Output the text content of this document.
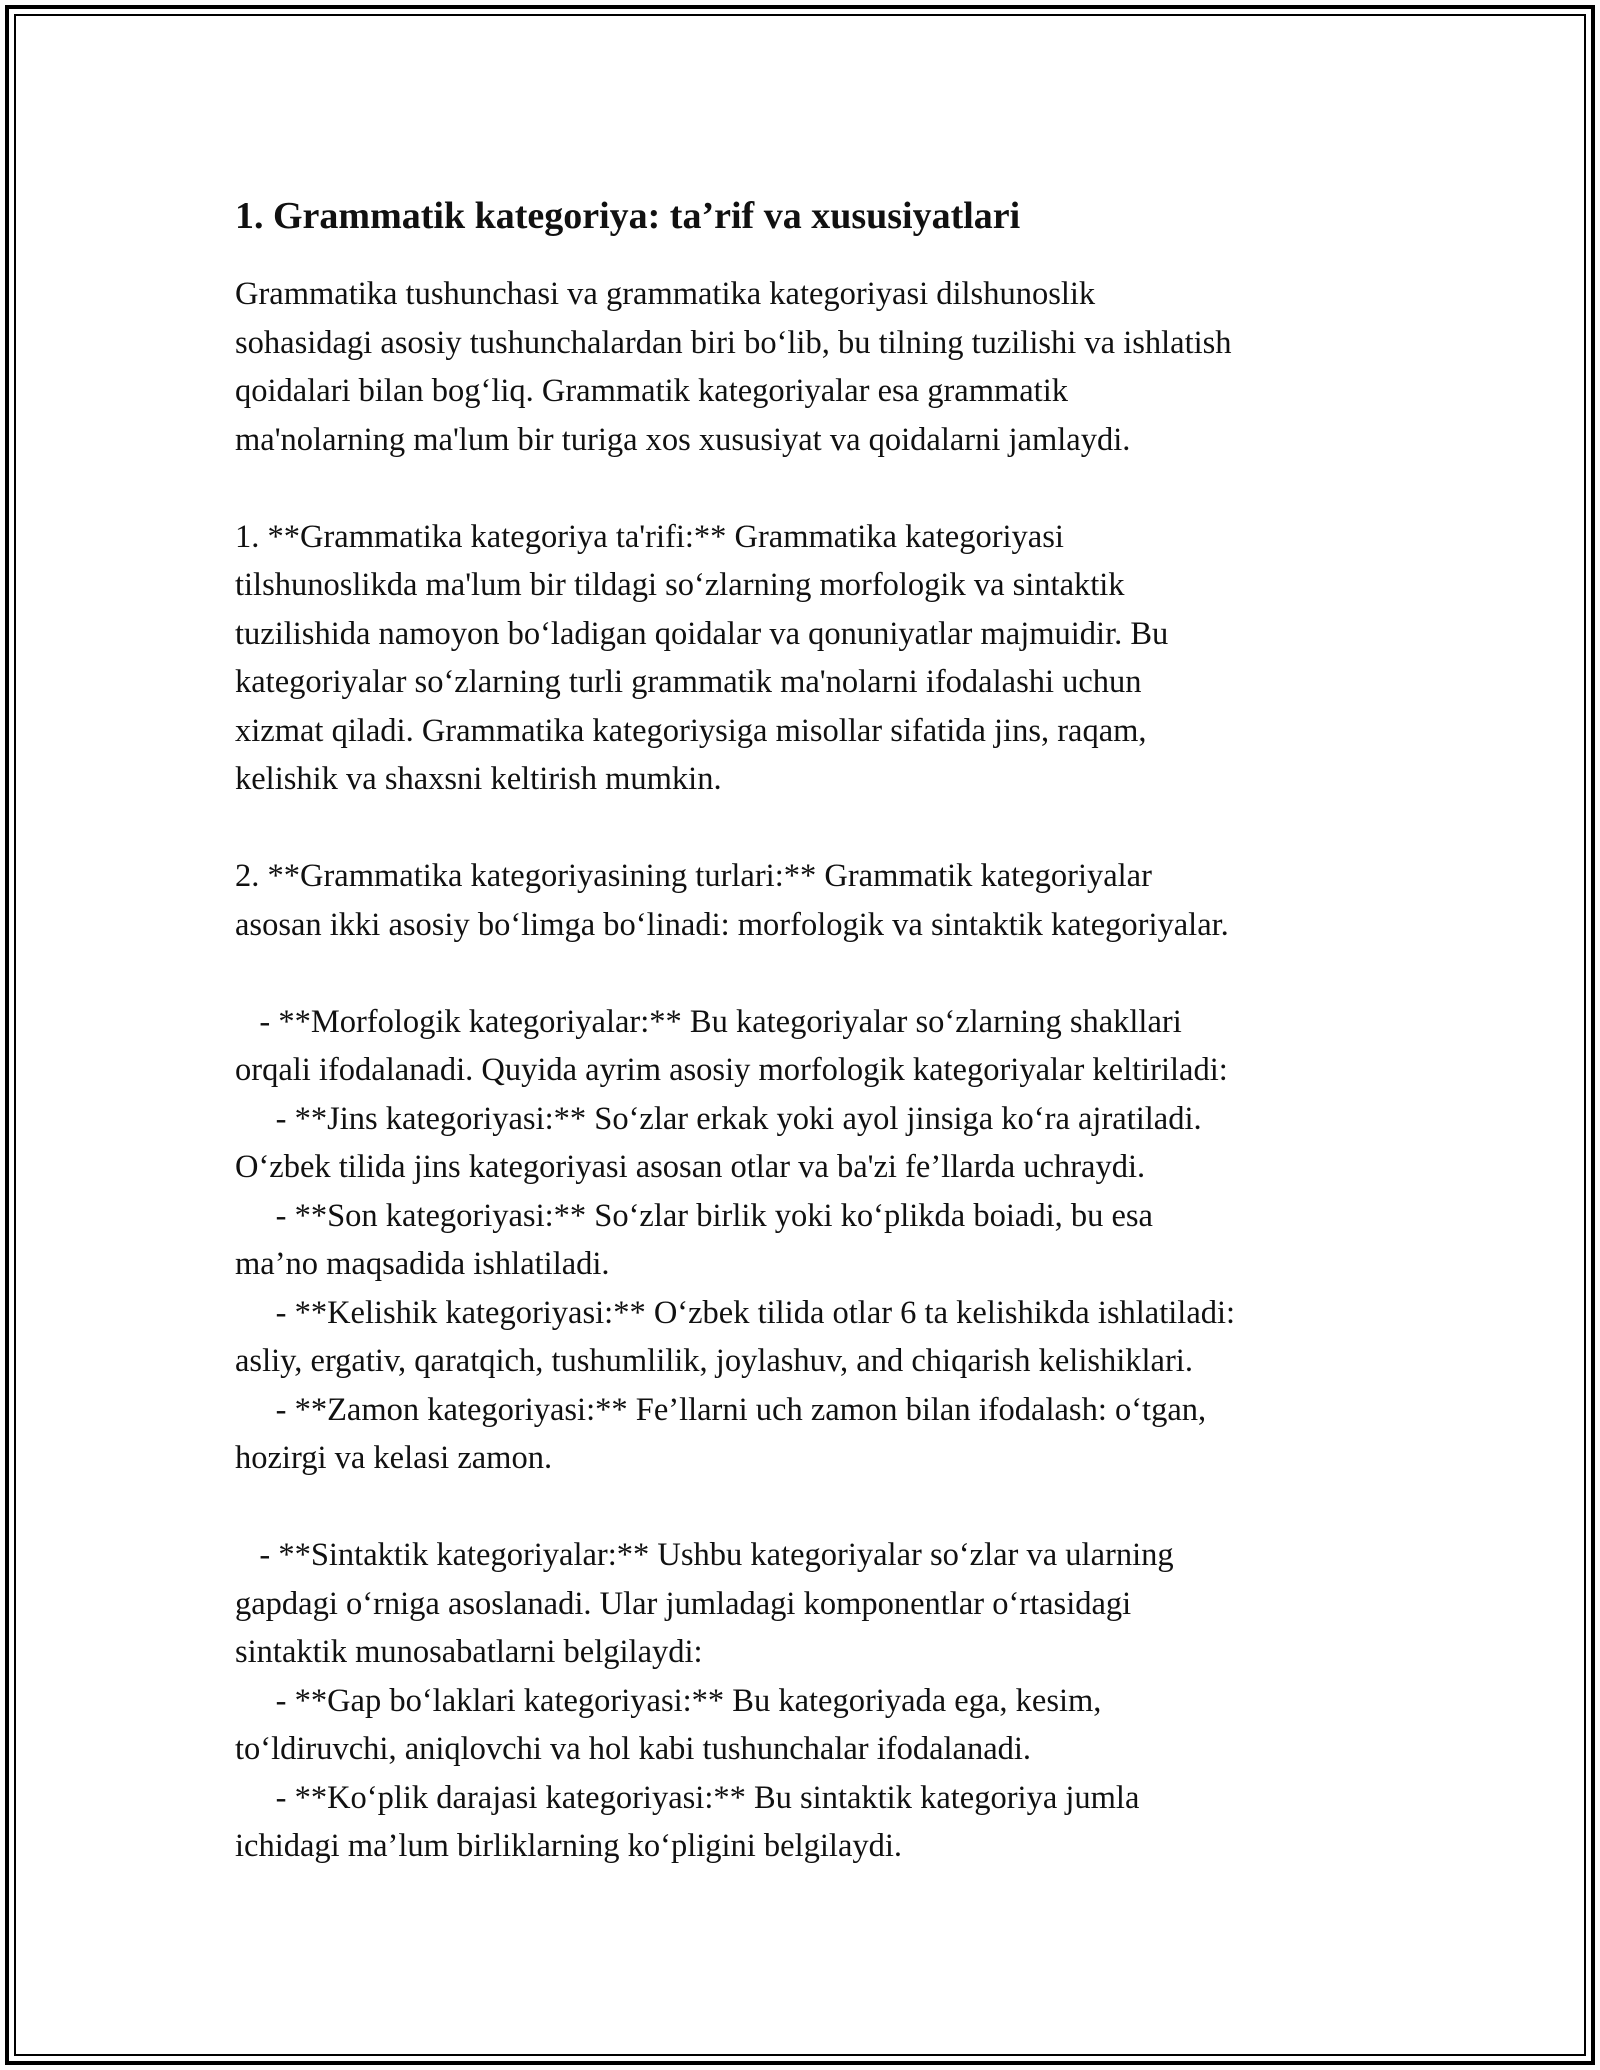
1. Grammatik kategoriya: ta’rif va xususiyatlari
Grammatika tushunchasi va grammatika kategoriyasi dilshunoslik
sohasidagi asosiy tushunchalardan biri bo‘lib, bu tilning tuzilishi va ishlatish
qoidalari bilan bog‘liq. Grammatik kategoriyalar esa grammatik
ma'nolarning ma'lum bir turiga xos xususiyat va qoidalarni jamlaydi.
1. **Grammatika kategoriya ta'rifi:** Grammatika kategoriyasi
tilshunoslikda ma'lum bir tildagi so‘zlarning morfologik va sintaktik
tuzilishida namoyon bo‘ladigan qoidalar va qonuniyatlar majmuidir. Bu
kategoriyalar so‘zlarning turli grammatik ma'nolarni ifodalashi uchun
xizmat qiladi. Grammatika kategoriysiga misollar sifatida jins, raqam,
kelishik va shaxsni keltirish mumkin.
2. **Grammatika kategoriyasining turlari:** Grammatik kategoriyalar
asosan ikki asosiy bo‘limga bo‘linadi: morfologik va sintaktik kategoriyalar.
- **Morfologik kategoriyalar:** Bu kategoriyalar so‘zlarning shakllari
orqali ifodalanadi. Quyida ayrim asosiy morfologik kategoriyalar keltiriladi:
- **Jins kategoriyasi:** So‘zlar erkak yoki ayol jinsiga ko‘ra ajratiladi.
O‘zbek tilida jins kategoriyasi asosan otlar va ba'zi fe’llarda uchraydi.
- **Son kategoriyasi:** So‘zlar birlik yoki ko‘plikda boiadi, bu esa
ma’no maqsadida ishlatiladi.
- **Kelishik kategoriyasi:** O‘zbek tilida otlar 6 ta kelishikda ishlatiladi:
asliy, ergativ, qaratqich, tushumlilik, joylashuv, and chiqarish kelishiklari.
- **Zamon kategoriyasi:** Fe’llarni uch zamon bilan ifodalash: o‘tgan,
hozirgi va kelasi zamon.
- **Sintaktik kategoriyalar:** Ushbu kategoriyalar so‘zlar va ularning
gapdagi o‘rniga asoslanadi. Ular jumladagi komponentlar o‘rtasidagi
sintaktik munosabatlarni belgilaydi:
- **Gap bo‘laklari kategoriyasi:** Bu kategoriyada ega, kesim,
to‘ldiruvchi, aniqlovchi va hol kabi tushunchalar ifodalanadi.
- **Ko‘plik darajasi kategoriyasi:** Bu sintaktik kategoriya jumla
ichidagi ma’lum birliklarning ko‘pligini belgilaydi.
